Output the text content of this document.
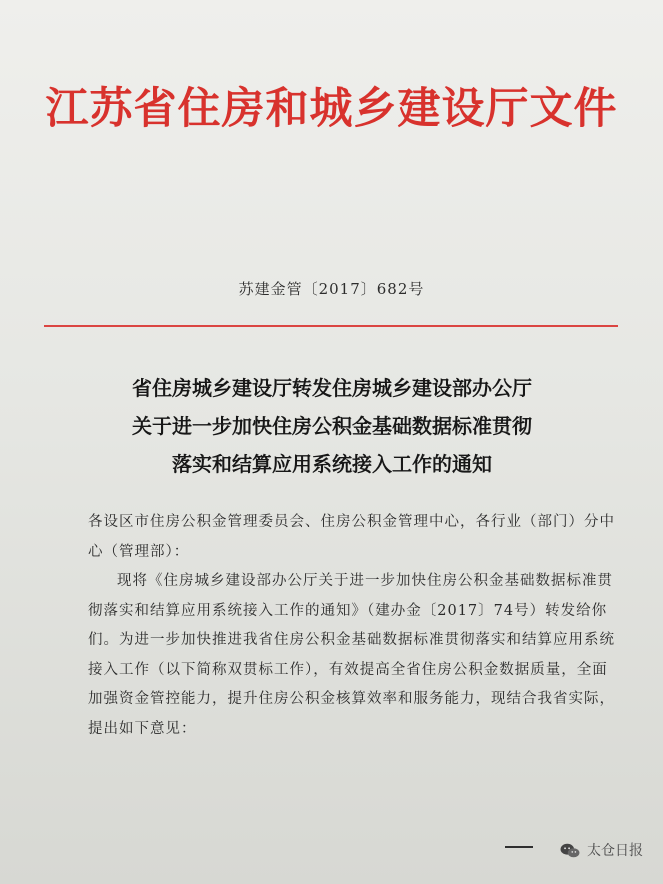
江苏省住房和城乡建设厅文件
苏建金管〔2017〕682号
省住房城乡建设厅转发住房城乡建设部办公厅
关于进一步加快住房公积金基础数据标准贯彻
落实和结算应用系统接入工作的通知

各设区市住房公积金管理委员会、住房公积金管理中心，各行业（部门）分中心（管理部）：

现将《住房城乡建设部办公厅关于进一步加快住房公积金基础数据标准贯彻落实和结算应用系统接入工作的通知》（建办金〔2017〕74号）转发给你们。为进一步加快推进我省住房公积金基础数据标准贯彻落实和结算应用系统接入工作（以下简称双贯标工作），有效提高全省住房公积金数据质量，全面加强资金管控能力，提升住房公积金核算效率和服务能力，现结合我省实际，提出如下意见：

太仓日报
